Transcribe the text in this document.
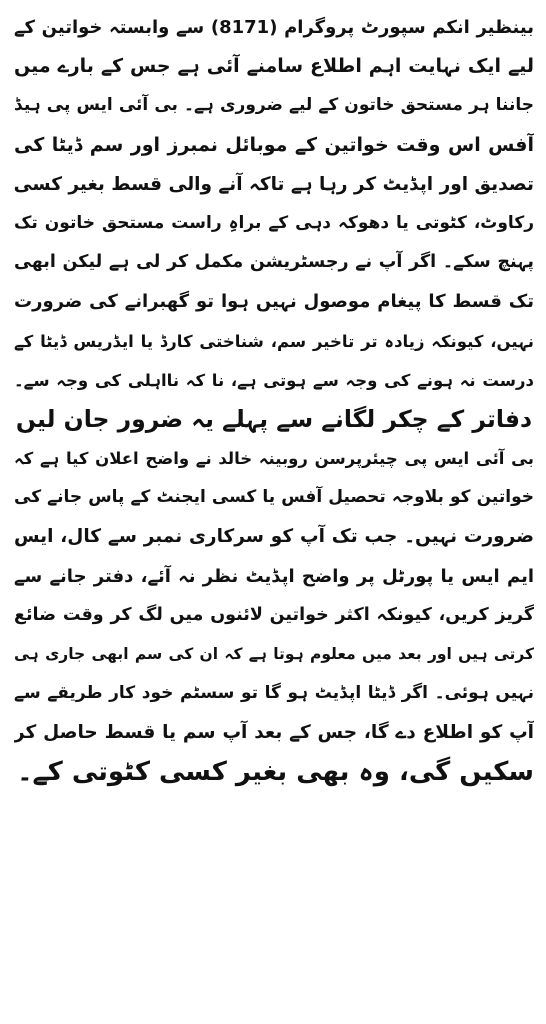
بینظیر انکم سپورٹ پروگرام (8171) سے وابستہ خواتین کے
لیے ایک نہایت اہم اطلاع سامنے آئی ہے جس کے بارے میں
جاننا ہر مستحق خاتون کے لیے ضروری ہے۔ بی آئی ایس پی ہیڈ
آفس اس وقت خواتین کے موبائل نمبرز اور سم ڈیٹا کی
تصدیق اور اپڈیٹ کر رہا ہے تاکہ آنے والی قسط بغیر کسی
رکاوٹ، کٹوتی یا دھوکہ دہی کے براہِ راست مستحق خاتون تک
پہنچ سکے۔ اگر آپ نے رجسٹریشن مکمل کر لی ہے لیکن ابھی
تک قسط کا پیغام موصول نہیں ہوا تو گھبرانے کی ضرورت
نہیں، کیونکہ زیادہ تر تاخیر سم، شناختی کارڈ یا ایڈریس ڈیٹا کے
درست نہ ہونے کی وجہ سے ہوتی ہے، نا کہ نااہلی کی وجہ سے۔
دفاتر کے چکر لگانے سے پہلے یہ ضرور جان لیں
بی آئی ایس پی چیئرپرسن روبینہ خالد نے واضح اعلان کیا ہے کہ
خواتین کو بلاوجہ تحصیل آفس یا کسی ایجنٹ کے پاس جانے کی
ضرورت نہیں۔ جب تک آپ کو سرکاری نمبر سے کال، ایس
ایم ایس یا پورٹل پر واضح اپڈیٹ نظر نہ آئے، دفتر جانے سے
گریز کریں، کیونکہ اکثر خواتین لائنوں میں لگ کر وقت ضائع
کرتی ہیں اور بعد میں معلوم ہوتا ہے کہ ان کی سم ابھی جاری ہی
نہیں ہوئی۔ اگر ڈیٹا اپڈیٹ ہو گا تو سسٹم خود کار طریقے سے
آپ کو اطلاع دے گا، جس کے بعد آپ سم یا قسط حاصل کر
سکیں گی، وہ بھی بغیر کسی کٹوتی کے۔
